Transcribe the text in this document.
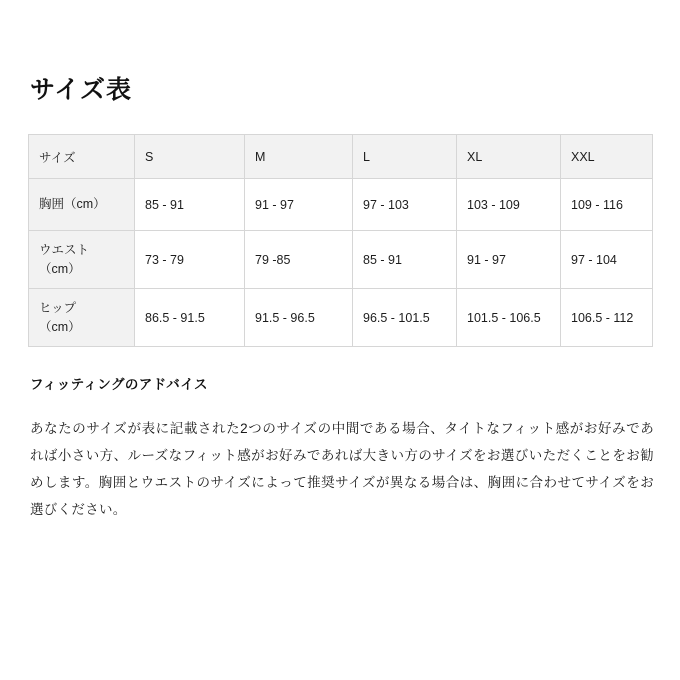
サイズ表
サイズ	S	M	L	XL	XXL
胸囲（cm）	85 - 91	91 - 97	97 - 103	103 - 109	109 - 116
ウエスト
（cm）	73 - 79	79 -85	85 - 91	91 - 97	97 - 104
ヒップ
（cm）	86.5 - 91.5	91.5 - 96.5	96.5 - 101.5	101.5 - 106.5	106.5 - 112
フィッティングのアドバイス

あなたのサイズが表に記載された2つのサイズの中間である場合、タイトなフィット感がお好みであれば小さい方、ルーズなフィット感がお好みであれば大きい方のサイズをお選びいただくことをお勧めします。胸囲とウエストのサイズによって推奨サイズが異なる場合は、胸囲に合わせてサイズをお選びください。
